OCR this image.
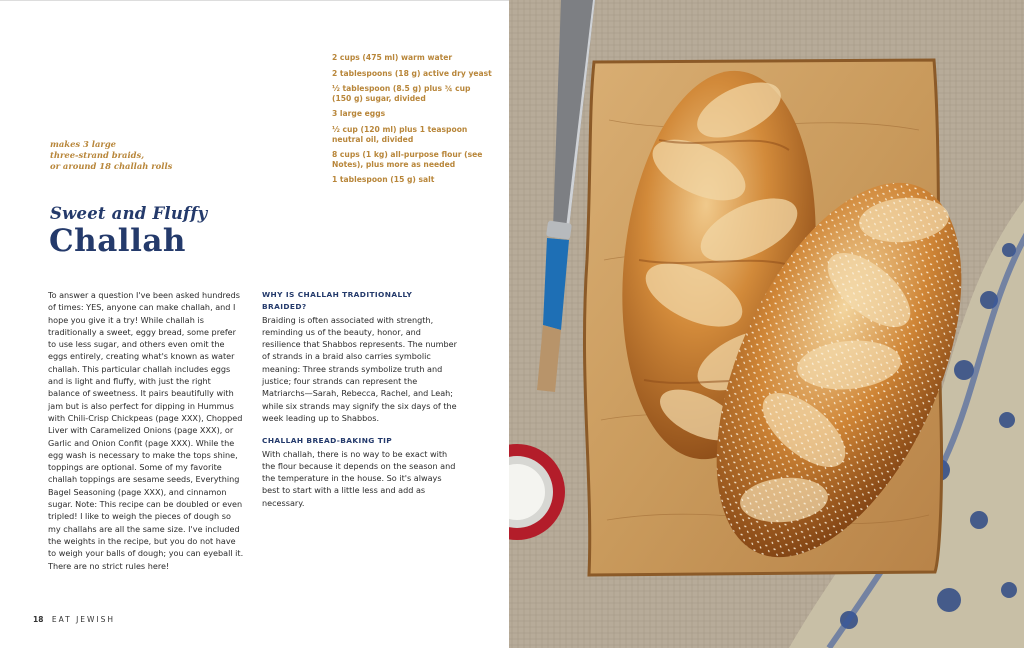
2 cups (475 ml) warm water

2 tablespoons (18 g) active dry yeast

½ tablespoon (8.5 g) plus ¾ cup (150 g) sugar, divided

3 large eggs

½ cup (120 ml) plus 1 teaspoon neutral oil, divided

8 cups (1 kg) all-purpose flour (see Notes), plus more as needed

1 tablespoon (15 g) salt

makes 3 large
three-strand braids,
or around 18 challah rolls
Sweet and Fluffy
Challah
To answer a question I've been asked hundreds of times: YES, anyone can make challah, and I hope you give it a try! While challah is traditionally a sweet, eggy bread, some prefer to use less sugar, and others even omit the eggs entirely, creating what's known as water challah. This particular challah includes eggs and is light and fluffy, with just the right balance of sweetness. It pairs beautifully with jam but is also perfect for dipping in Hummus with Chili-Crisp Chickpeas (page XXX), Chopped Liver with Caramelized Onions (page XXX), or Garlic and Onion Confit (page XXX). While the egg wash is necessary to make the tops shine, toppings are optional. Some of my favorite challah toppings are sesame seeds, Everything Bagel Seasoning (page XXX), and cinnamon sugar. Note: This recipe can be doubled or even tripled! I like to weigh the pieces of dough so my challahs are all the same size. I've included the weights in the recipe, but you do not have to weigh your balls of dough; you can eyeball it. There are no strict rules here!
WHY IS CHALLAH TRADITIONALLY BRAIDED?
Braiding is often associated with strength, reminding us of the beauty, honor, and resilience that Shabbos represents. The number of strands in a braid also carries symbolic meaning: Three strands symbolize truth and justice; four strands can represent the Matriarchs—Sarah, Rebecca, Rachel, and Leah; while six strands may signify the six days of the week leading up to Shabbos.
CHALLAH BREAD-BAKING TIP
With challah, there is no way to be exact with the flour because it depends on the season and the temperature in the house. So it's always best to start with a little less and add as necessary.
18 EAT JEWISH
